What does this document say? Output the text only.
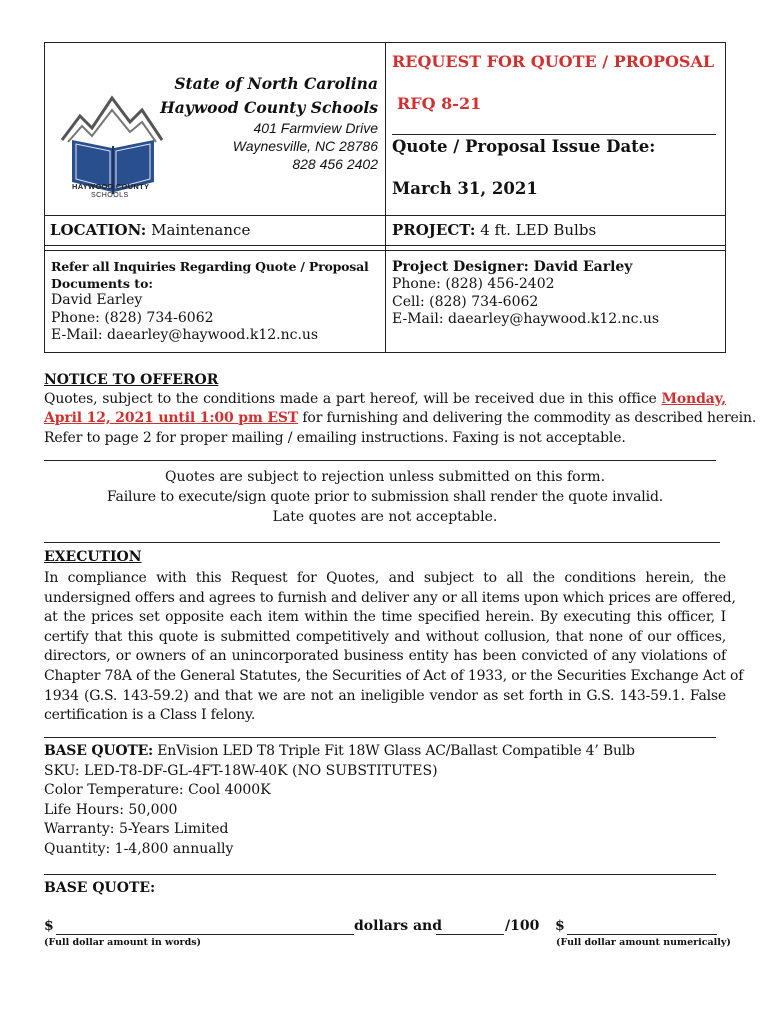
HAYWOOD COUNTY
SCHOOLS
State of North Carolina
Haywood County Schools
401 Farmview Drive
Waynesville, NC 28786
828 456 2402
REQUEST FOR QUOTE / PROPOSAL
RFQ 8-21
Quote / Proposal Issue Date:
March 31, 2021
LOCATION: Maintenance	PROJECT: 4 ft. LED Bulbs
Refer all Inquiries Regarding Quote / Proposal
Documents to:
David Earley
Phone: (828) 734-6062
E-Mail: daearley@haywood.k12.nc.us
Project Designer: David Earley
Phone: (828) 456-2402
Cell: (828) 734-6062
E-Mail: daearley@haywood.k12.nc.us
NOTICE TO OFFEROR
Quotes, subject to the conditions made a part hereof, will be received due in this office Monday,
April 12, 2021 until 1:00 pm EST for furnishing and delivering the commodity as described herein.
Refer to page 2 for proper mailing / emailing instructions. Faxing is not acceptable.
Quotes are subject to rejection unless submitted on this form.
Failure to execute/sign quote prior to submission shall render the quote invalid.
Late quotes are not acceptable.
EXECUTION
In compliance with this Request for Quotes, and subject to all the conditions herein, the
undersigned offers and agrees to furnish and deliver any or all items upon which prices are offered,
at the prices set opposite each item within the time specified herein. By executing this officer, I
certify that this quote is submitted competitively and without collusion, that none of our offices,
directors, or owners of an unincorporated business entity has been convicted of any violations of
Chapter 78A of the General Statutes, the Securities of Act of 1933, or the Securities Exchange Act of
1934 (G.S. 143-59.2) and that we are not an ineligible vendor as set forth in G.S. 143-59.1. False
certification is a Class I felony.
BASE QUOTE: EnVision LED T8 Triple Fit 18W Glass AC/Ballast Compatible 4’ Bulb
SKU: LED-T8-DF-GL-4FT-18W-40K (NO SUBSTITUTES)
Color Temperature: Cool 4000K
Life Hours: 50,000
Warranty: 5-Years Limited
Quantity: 1-4,800 annually
BASE QUOTE:
$	dollars and	/100 $
(Full dollar amount in words)	(Full dollar amount numerically)
